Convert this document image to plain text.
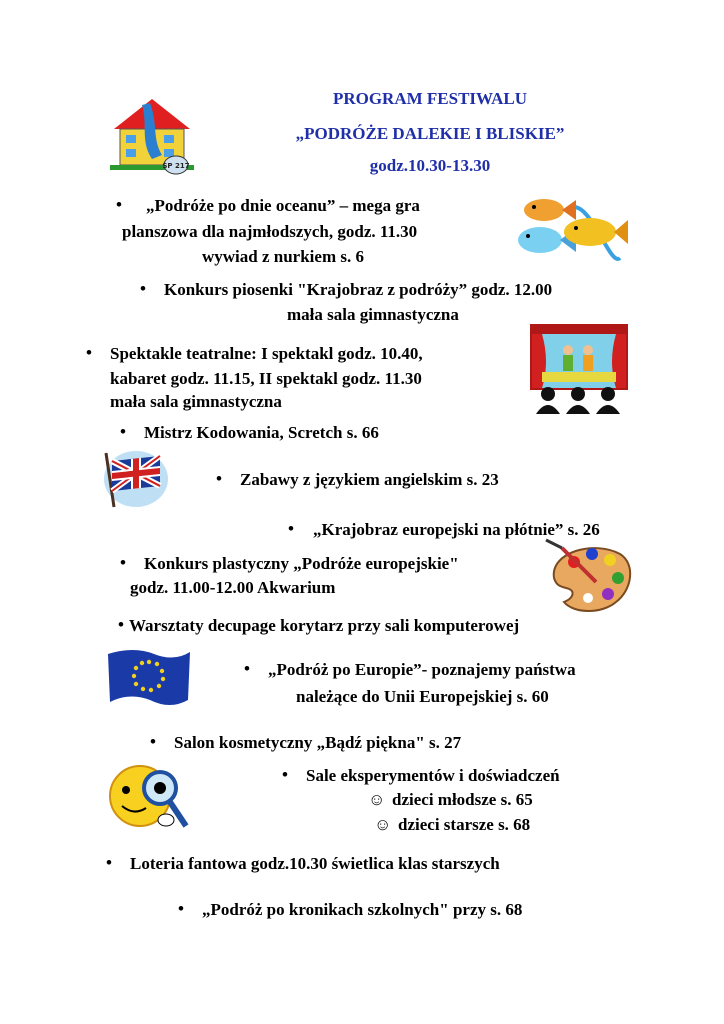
PROGRAM FESTIWALU
„PODRÓŻE DALEKIE I BLISKIE”
godz.10.30-13.30
SP 217
• „Podróże po dnie oceanu” – mega gra
planszowa dla najmłodszych, godz. 11.30
wywiad z nurkiem s. 6
• Konkurs piosenki "Krajobraz z podróży” godz. 12.00
mała sala gimnastyczna
• Spektakle teatralne: I spektakl godz. 10.40,
kabaret godz. 11.15, II spektakl godz. 11.30
mała sala gimnastyczna
• Mistrz Kodowania, Scretch s. 66
• Zabawy z językiem angielskim s. 23
• „Krajobraz europejski na płótnie” s. 26
• Konkurs plastyczny „Podróże europejskie"
godz. 11.00-12.00 Akwarium
• Warsztaty decupage korytarz przy sali komputerowej
• „Podróż po Europie”- poznajemy państwa
należące do Unii Europejskiej s. 60
• Salon kosmetyczny „Bądź piękna" s. 27
• Sale eksperymentów i doświadczeń
☺ dzieci młodsze s. 65
☺ dzieci starsze s. 68
• Loteria fantowa godz.10.30 świetlica klas starszych
• „Podróż po kronikach szkolnych" przy s. 68
